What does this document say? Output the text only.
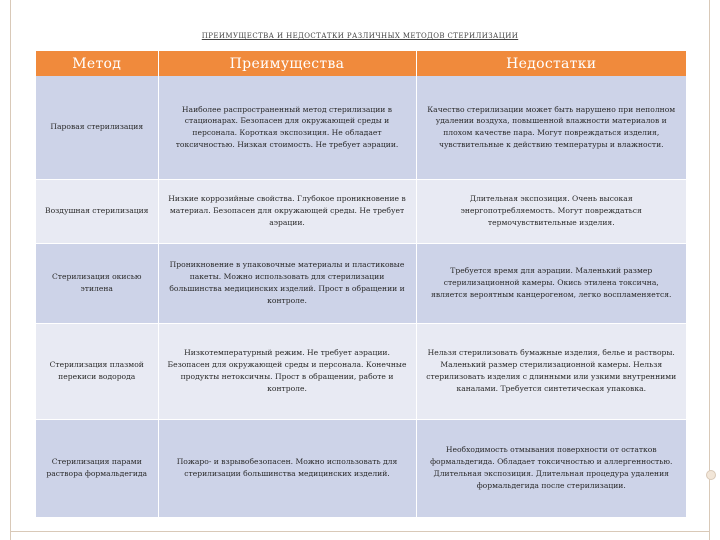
ПРЕИМУЩЕСТВА И НЕДОСТАТКИ РАЗЛИЧНЫХ МЕТОДОВ СТЕРИЛИЗАЦИИ
Метод	Преимущества	Недостатки
Паровая стерилизация	Наиболее распространенный метод стерилизации в стационарах. Безопасен для окружающей среды и персонала. Короткая экспозиция. Не обладает токсичностью. Низкая стоимость. Не требует аэрации.	Качество стерилизации может быть нарушено при неполном удалении воздуха, повышенной влажности материалов и плохом качестве пара. Могут повреждаться изделия, чувствительные к действию температуры и влажности.
Воздушная стерилизация	Низкие коррозийные свойства. Глубокое проникновение в материал. Безопасен для окружающей среды. Не требует аэрации.	Длительная экспозиция. Очень высокая энергопотребляемость. Могут повреждаться термочувствительные изделия.
Стерилизация окисью этилена	Проникновение в упаковочные материалы и пластиковые пакеты. Можно использовать для стерилизации большинства медицинских изделий. Прост в обращении и контроле.	Требуется время для аэрации. Маленький размер стерилизационной камеры. Окись этилена токсична, является вероятным канцерогеном, легко воспламеняется.
Стерилизация плазмой перекиси водорода	Низкотемпературный режим. Не требует аэрации. Безопасен для окружающей среды и персонала. Конечные продукты нетоксичны. Прост в обращении, работе и контроле.	Нельзя стерилизовать бумажные изделия, белье и растворы. Маленький размер стерилизационной камеры. Нельзя стерилизовать изделия с длинными или узкими внутренними каналами. Требуется синтетическая упаковка.
Стерилизация парами раствора формальдегида	Пожаро- и взрывобезопасен. Можно использовать для стерилизации большинства медицинских изделий.	Необходимость отмывания поверхности от остатков формальдегида. Обладает токсичностью и аллергенностью. Длительная экспозиция. Длительная процедура удаления формальдегида после стерилизации.
